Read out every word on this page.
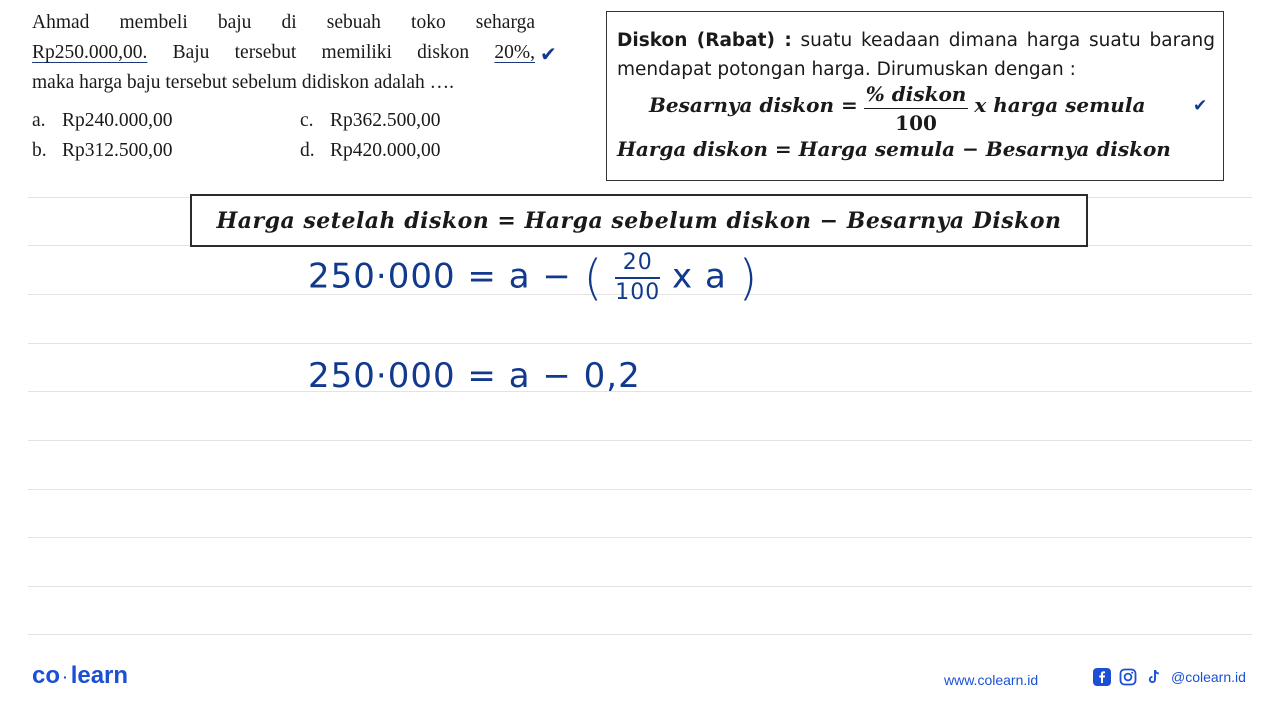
Ahmad membeli baju di sebuah toko seharga
Rp250.000,00. Baju tersebut memiliki diskon 20%,
maka harga baju tersebut sebelum didiskon adalah ….
✔
a. Rp240.000,00
b. Rp312.500,00
c. Rp362.500,00
d. Rp420.000,00
Diskon (Rabat) : suatu keadaan dimana harga suatu barang mendapat potongan harga. Dirumuskan dengan :
Besarnya diskon = $\frac{\text{\% diskon}}{100}$ x harga semula	✔
Harga diskon = Harga semula − Besarnya diskon
Harga setelah diskon = Harga sebelum diskon − Besarnya Diskon
250·000 = a − ( $\frac{20}{100}$ x a )
250·000 = a − 0,2
co · learn	www.colearn.id	@colearn.id
